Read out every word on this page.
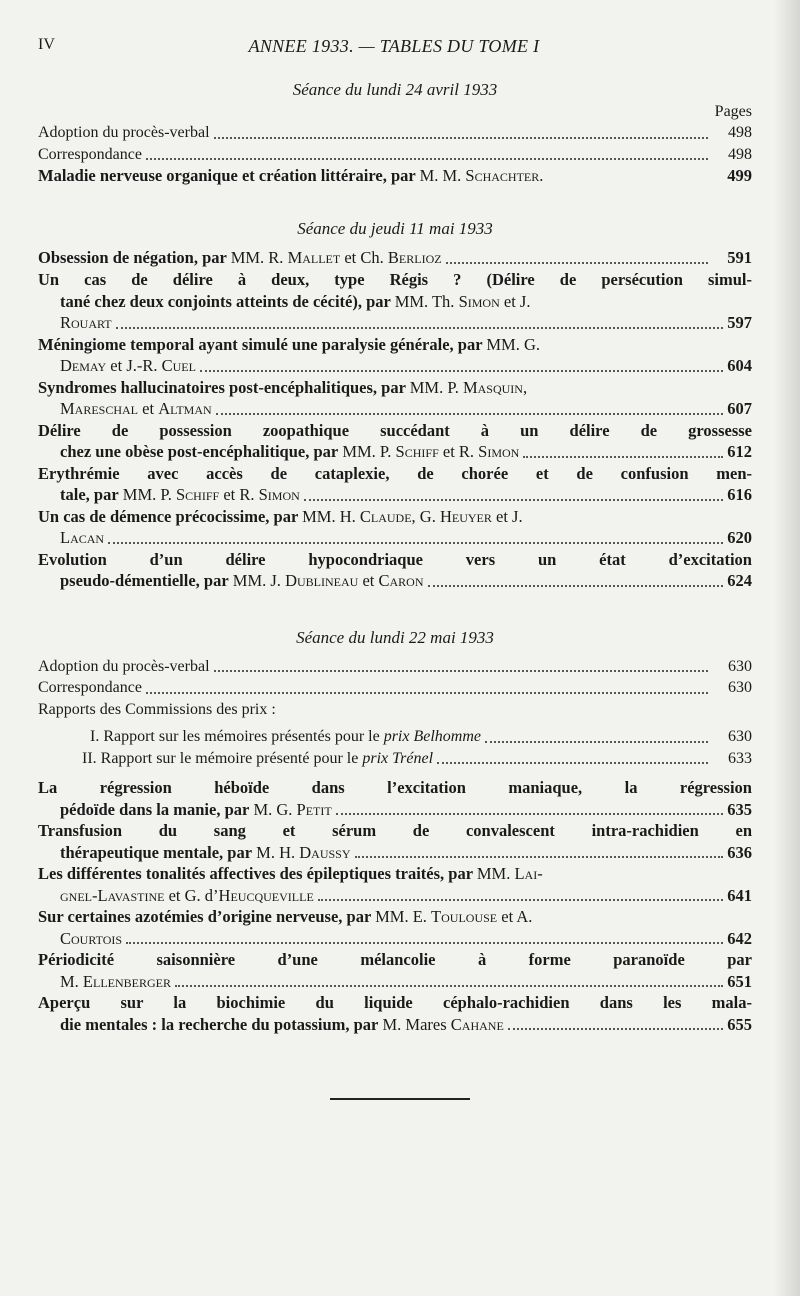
IV	ANNEE 1933. — TABLES DU TOME I
Séance du lundi 24 avril 1933
Pages
Adoption du procès-verbal	498
Correspondance	498
Maladie nerveuse organique et création littéraire, par M. M. Schachter.	499
Séance du jeudi 11 mai 1933
Obsession de négation, par MM. R. Mallet et Ch. Berlioz	591
Un cas de délire à deux, type Régis ? (Délire de persécution simul-
tané chez deux conjoints atteints de cécité), par MM. Th. Simon et J.
Rouart	597
Méningiome temporal ayant simulé une paralysie générale, par MM. G.
Demay
et J.-R.
Cuel	604
Syndromes hallucinatoires post-encéphalitiques, par MM. P. Masquin,
Mareschal
et
Altman	607
Délire de possession zoopathique succédant à un délire de grossesse
chez une obèse post-encéphalitique, par
MM. P.
Schiff
et R.
Simon	612
Erythrémie avec accès de cataplexie, de chorée et de confusion men-
tale, par
MM. P.
Schiff
et R.
Simon	616
Un cas de démence précocissime, par MM. H. Claude, G. Heuyer et J.
Lacan	620
Evolution d’un délire hypocondriaque vers un état d’excitation
pseudo-démentielle, par
MM. J.
Dublineau
et
Caron	624
Séance du lundi 22 mai 1933
Adoption du procès-verbal	630
Correspondance	630
Rapports des Commissions des prix :
I. Rapport sur les mémoires présentés pour le prix Belhomme	630
II. Rapport sur le mémoire présenté pour le prix Trénel	633
La régression héboïde dans l’excitation maniaque, la régression
pédoïde dans la manie, par
M. G.
Petit	635
Transfusion du sang et sérum de convalescent intra-rachidien en
thérapeutique mentale, par
M. H.
Daussy	636
Les différentes tonalités affectives des épileptiques traités, par MM. Lai-
gnel-Lavastine
et G. d’ Heucqueville	641
Sur certaines azotémies d’origine nerveuse, par MM. E. Toulouse et A.
Courtois	642
Périodicité saisonnière d’une mélancolie à forme paranoïde par
M.
Ellenberger	651
Aperçu sur la biochimie du liquide céphalo-rachidien dans les mala-
die mentales : la recherche du potassium, par
M. Mares
Cahane	655
